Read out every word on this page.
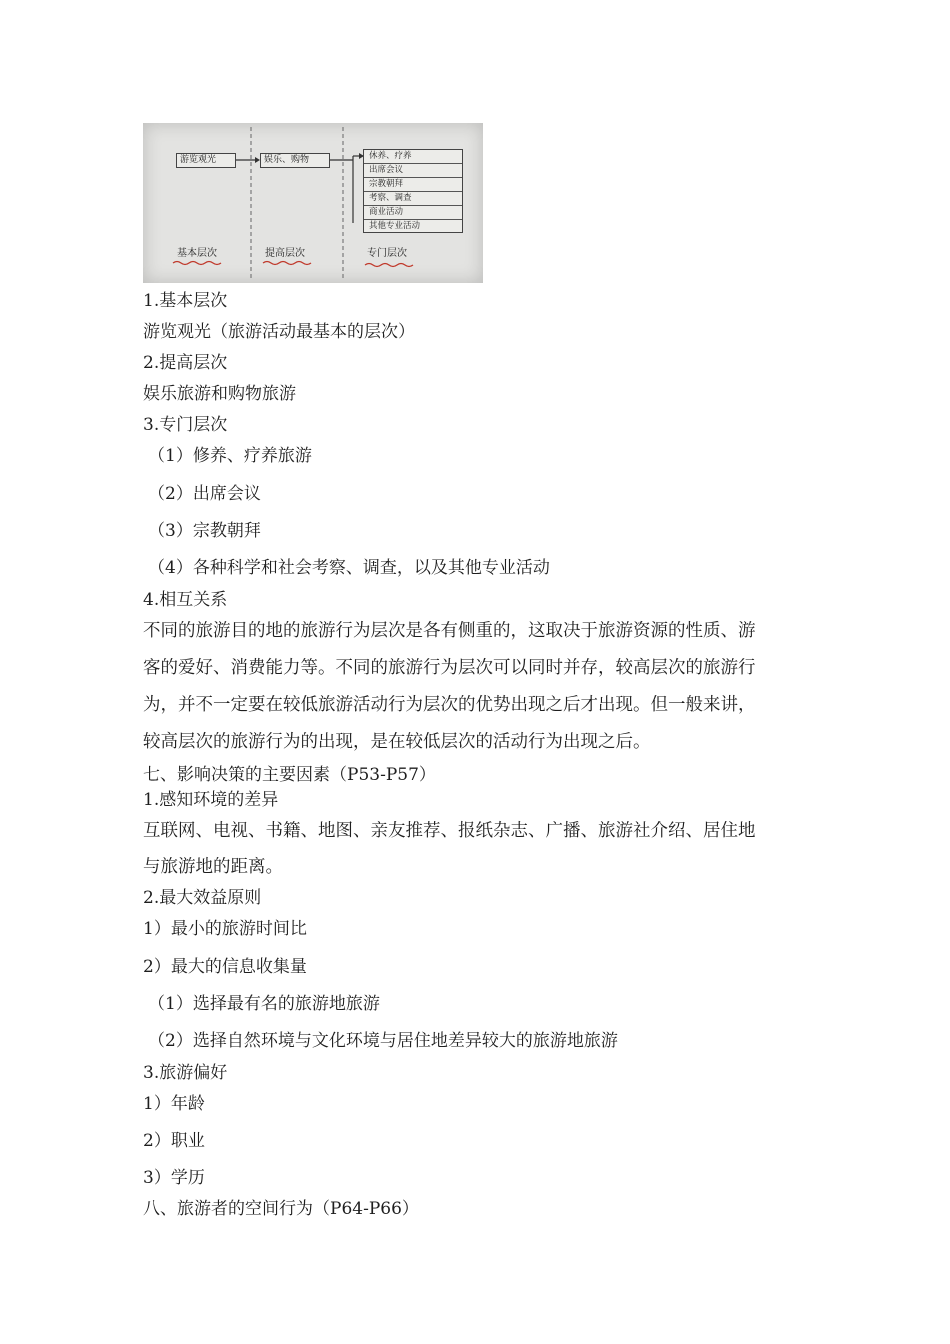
游览观光	娱乐、购物	休养、疗养
出席会议
宗教朝拜
考察、调查
商业活动
其他专业活动
基本层次	提高层次	专门层次
1.基本层次
游览观光（旅游活动最基本的层次）
2.提高层次
娱乐旅游和购物旅游
3.专门层次
（1）修养、疗养旅游
（2）出席会议
（3）宗教朝拜
（4）各种科学和社会考察、调查，以及其他专业活动
4.相互关系
不同的旅游目的地的旅游行为层次是各有侧重的，这取决于旅游资源的性质、游
客的爱好、消费能力等。不同的旅游行为层次可以同时并存，较高层次的旅游行
为，并不一定要在较低旅游活动行为层次的优势出现之后才出现。但一般来讲，
较高层次的旅游行为的出现，是在较低层次的活动行为出现之后。
七、影响决策的主要因素（P53-P57）
1.感知环境的差异
互联网、电视、书籍、地图、亲友推荐、报纸杂志、广播、旅游社介绍、居住地
与旅游地的距离。
2.最大效益原则
1）最小的旅游时间比
2）最大的信息收集量
（1）选择最有名的旅游地旅游
（2）选择自然环境与文化环境与居住地差异较大的旅游地旅游
3.旅游偏好
1）年龄
2）职业
3）学历
八、旅游者的空间行为（P64-P66）
